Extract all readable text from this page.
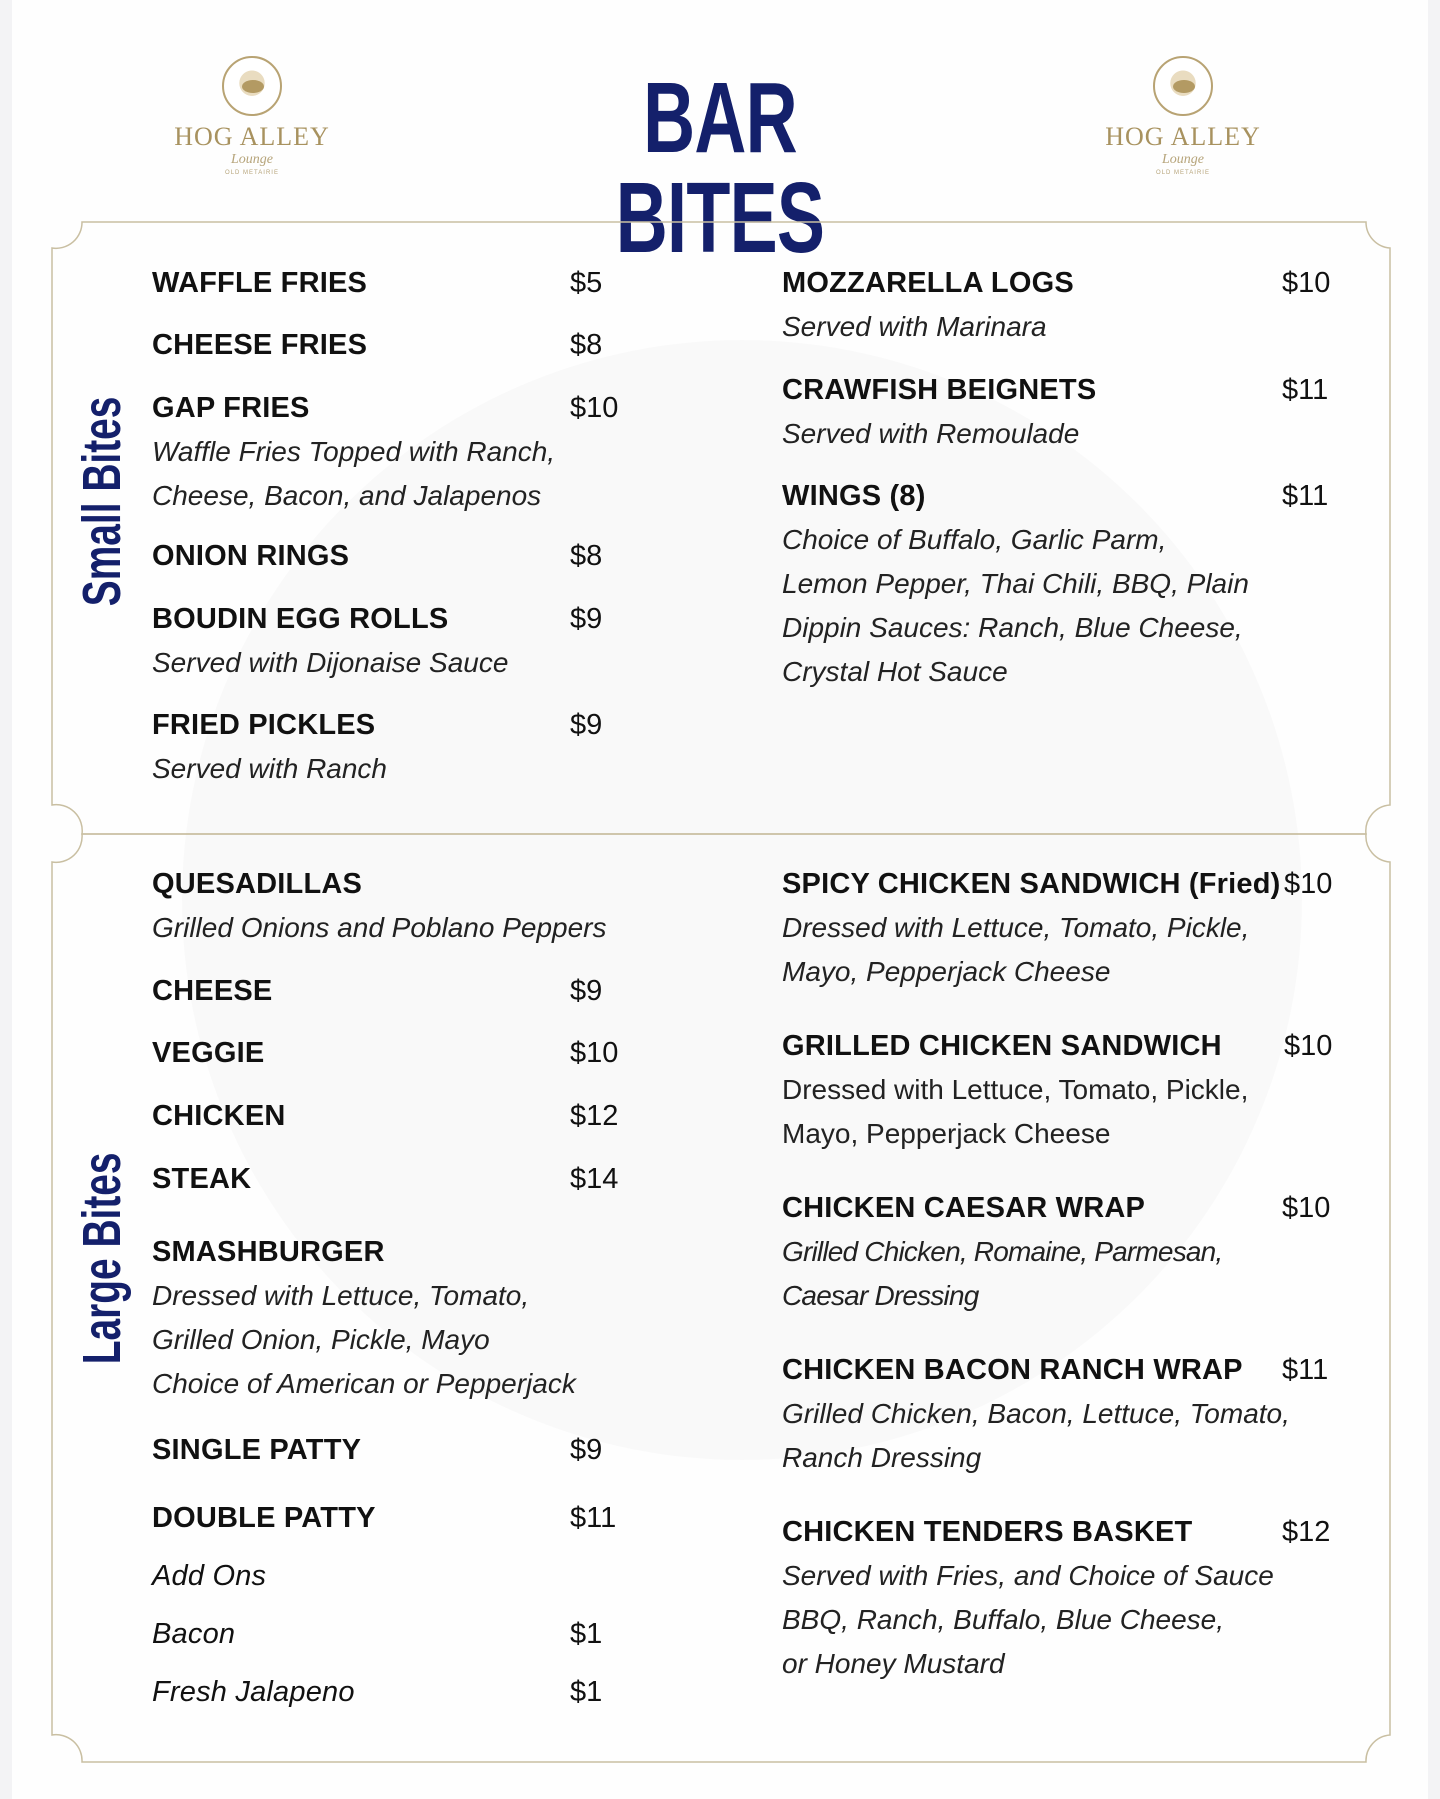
HOG ALLEY
Lounge
OLD METAIRIE	BAR BITES
HOG ALLEY
Lounge
OLD METAIRIE
Small Bites
Large Bites
WAFFLE FRIES	$5
CHEESE FRIES	$8
GAP FRIES	$10
Waffle Fries Topped with Ranch,
Cheese, Bacon, and Jalapenos
ONION RINGS	$8
BOUDIN EGG ROLLS	$9
Served with Dijonaise Sauce
FRIED PICKLES	$9
Served with Ranch
MOZZARELLA LOGS	$10
Served with Marinara
CRAWFISH BEIGNETS	$11
Served with Remoulade
WINGS (8)	$11
Choice of Buffalo, Garlic Parm,
Lemon Pepper, Thai Chili, BBQ, Plain
Dippin Sauces: Ranch, Blue Cheese,
Crystal Hot Sauce
QUESADILLAS
Grilled Onions and Poblano Peppers
CHEESE	$9
VEGGIE	$10
CHICKEN	$12
STEAK	$14
SMASHBURGER
Dressed with Lettuce, Tomato,
Grilled Onion, Pickle, Mayo
Choice of American or Pepperjack
SINGLE PATTY	$9
DOUBLE PATTY	$11
Add Ons
Bacon	$1
Fresh Jalapeno	$1
SPICY CHICKEN SANDWICH (Fried) $10
Dressed with Lettuce, Tomato, Pickle,
Mayo, Pepperjack Cheese
GRILLED CHICKEN SANDWICH $10
Dressed with Lettuce, Tomato, Pickle,
Mayo, Pepperjack Cheese
CHICKEN CAESAR WRAP	$10
Grilled Chicken, Romaine, Parmesan,
Caesar Dressing
CHICKEN BACON RANCH WRAP $11
Grilled Chicken, Bacon, Lettuce, Tomato,
Ranch Dressing
CHICKEN TENDERS BASKET	$12
Served with Fries, and Choice of Sauce
BBQ, Ranch, Buffalo, Blue Cheese,
or Honey Mustard
